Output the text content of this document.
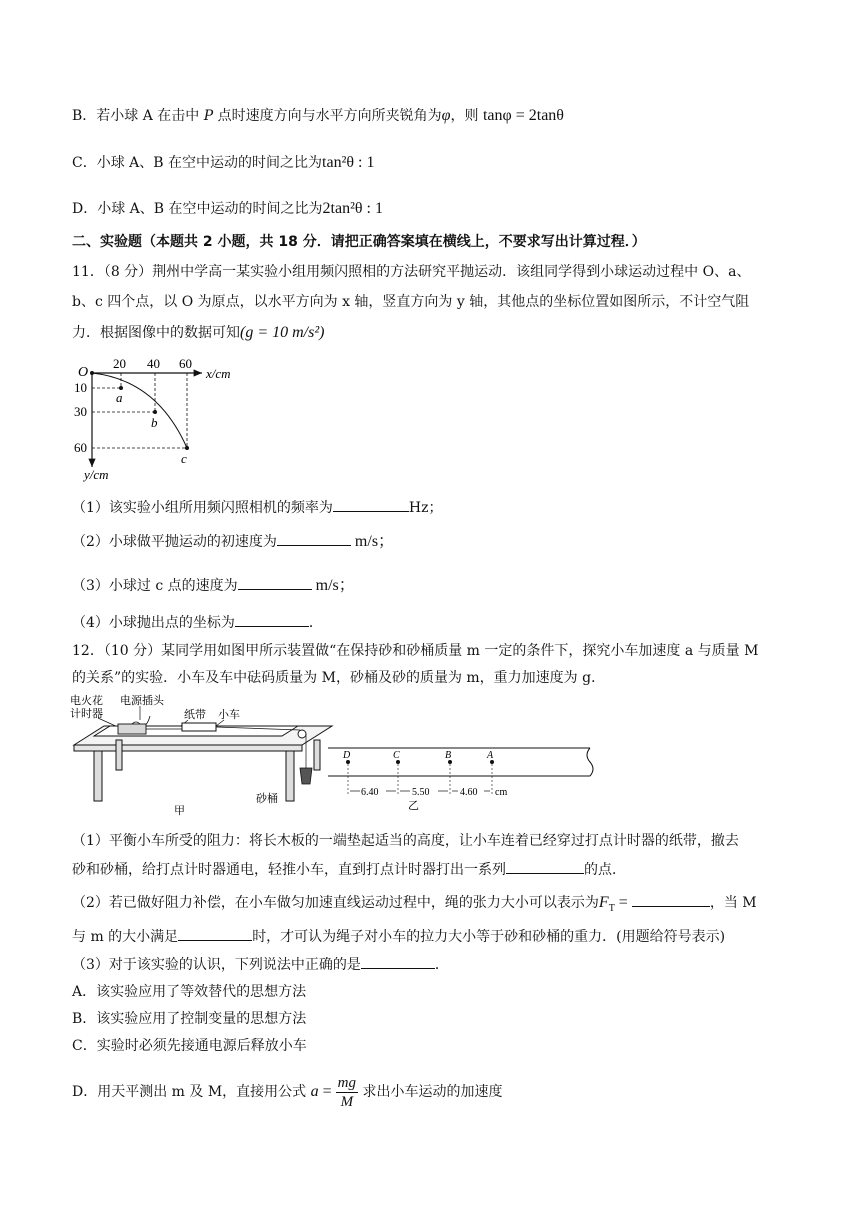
B．若小球 A 在击中 P 点时速度方向与水平方向所夹锐角为φ，则 tanφ = 2tanθ
C．小球 A、B 在空中运动的时间之比为tan²θ : 1
D．小球 A、B 在空中运动的时间之比为2tan²θ : 1
二、实验题（本题共 2 小题，共 18 分．请把正确答案填在横线上，不要求写出计算过程．）
11．（8 分）荆州中学高一某实验小组用频闪照相的方法研究平抛运动．该组同学得到小球运动过程中 O、a、
b、c 四个点，以 O 为原点，以水平方向为 x 轴，竖直方向为 y 轴，其他点的坐标位置如图所示，不计空气阻
力．根据图像中的数据可知(g = 10 m/s²)
O
20 40 60
x/cm
10
30
60
y/cm
a
b
c
（1）该实验小组所用频闪照相机的频率为	Hz；
（2）小球做平抛运动的初速度为	m/s；
（3）小球过 c 点的速度为	m/s；
（4）小球抛出点的坐标为	．
12．（10 分）某同学用如图甲所示装置做“在保持砂和砂桶质量 m 一定的条件下，探究小车加速度 a 与质量 M
的关系”的实验．小车及车中砝码质量为 M，砂桶及砂的质量为 m，重力加速度为 g．
电火花
计时器
电源插头
纸带 小车
砂桶
甲
D	C	B	A
6.40	5.50	4.60 cm
乙
（1）平衡小车所受的阻力：将长木板的一端垫起适当的高度，让小车连着已经穿过打点计时器的纸带，撤去
砂和砂桶，给打点计时器通电，轻推小车，直到打点计时器打出一系列	的点．
（2）若已做好阻力补偿，在小车做匀加速直线运动过程中，绳的张力大小可以表示为$F_T$ =	，当 M
与 m 的大小满足	时，才可认为绳子对小车的拉力大小等于砂和砂桶的重力．(用题给符号表示)
（3）对于该实验的认识，下列说法中正确的是	．
A．该实验应用了等效替代的思想方法
B．该实验应用了控制变量的思想方法
C．实验时必须先接通电源后释放小车
D．用天平测出 m 及 M，直接用公式 $a = \frac{mg}{M}$ 求出小车运动的加速度
